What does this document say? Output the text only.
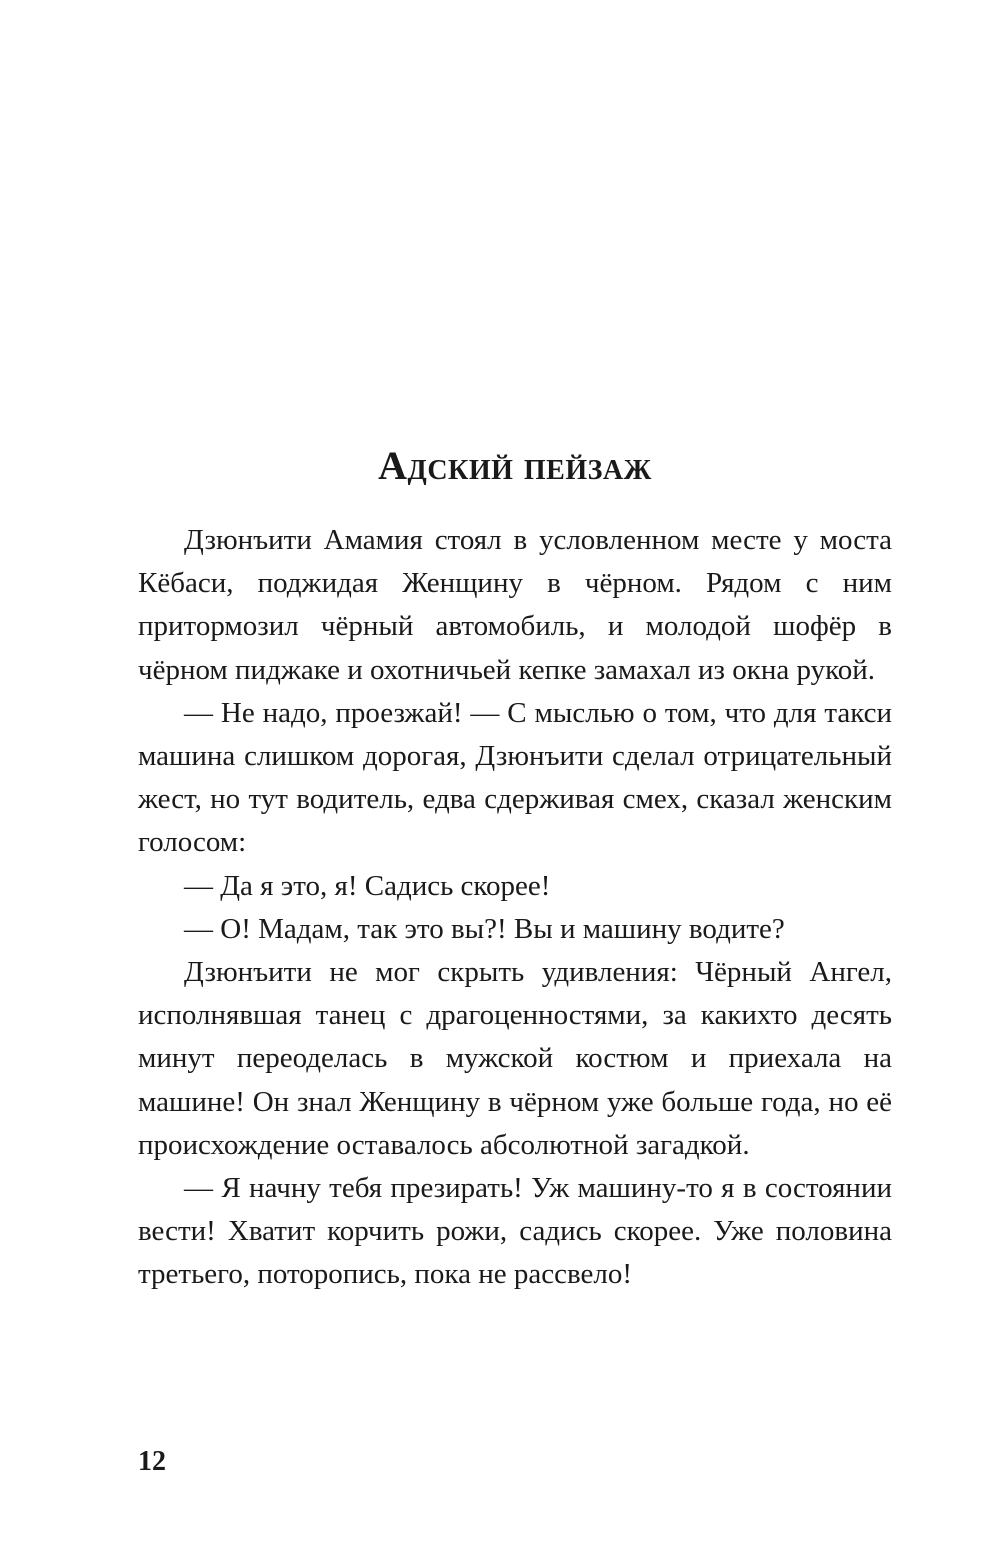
Адский пейзаж

Дзюнъити Амамия стоял в условленном месте у моста Кёбаси, поджидая Женщину в чёрном. Рядом с ним притормозил чёрный автомобиль, и молодой шофёр в чёрном пиджаке и охотничьей кепке замахал из окна рукой.

— Не надо, проезжай! — С мыслью о том, что для такси машина слишком дорогая, Дзюнъити сделал отрицательный жест, но тут водитель, едва сдерживая смех, сказал женским голосом:

— Да я это, я! Садись скорее!

— О! Мадам, так это вы?! Вы и машину водите?

Дзюнъити не мог скрыть удивления: Чёрный Ангел, исполнявшая танец с драгоценностями, за какихто десять минут переоделась в мужской костюм и приехала на машине! Он знал Женщину в чёрном уже больше года, но её происхождение оставалось абсолютной загадкой.

— Я начну тебя презирать! Уж машину-то я в состоянии вести! Хватит корчить рожи, садись скорее. Уже половина третьего, поторопись, пока не рассвело!

12
